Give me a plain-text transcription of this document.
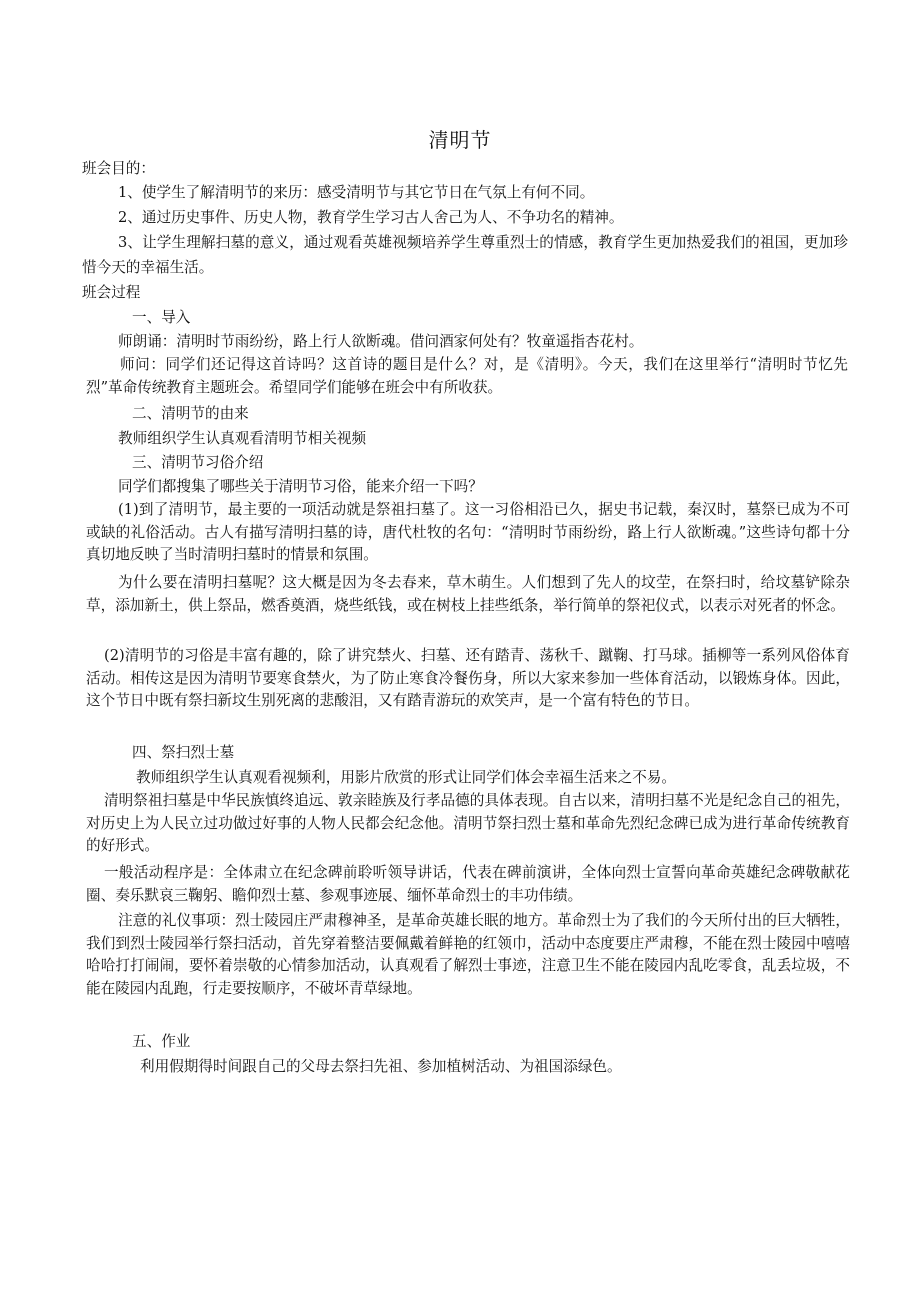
清明节
班会目的：
1、使学生了解清明节的来历：感受清明节与其它节日在气氛上有何不同。
2、通过历史事件、历史人物，教育学生学习古人舍己为人、不争功名的精神。
3、让学生理解扫墓的意义，通过观看英雄视频培养学生尊重烈士的情感，教育学生更加热爱我们的祖国，更加珍惜今天的幸福生活。
班会过程
一、导入
师朗诵：清明时节雨纷纷，路上行人欲断魂。借问酒家何处有？牧童遥指杏花村。
师问：同学们还记得这首诗吗？这首诗的题目是什么？对，是《清明》。今天，我们在这里举行“清明时节忆先烈”革命传统教育主题班会。希望同学们能够在班会中有所收获。
二、清明节的由来
教师组织学生认真观看清明节相关视频
三、清明节习俗介绍
同学们都搜集了哪些关于清明节习俗，能来介绍一下吗？
(1)到了清明节，最主要的一项活动就是祭祖扫墓了。这一习俗相沿已久，据史书记载，秦汉时，墓祭已成为不可或缺的礼俗活动。古人有描写清明扫墓的诗，唐代杜牧的名句：“清明时节雨纷纷，路上行人欲断魂。”这些诗句都十分真切地反映了当时清明扫墓时的情景和氛围。
为什么要在清明扫墓呢？这大概是因为冬去春来，草木萌生。人们想到了先人的坟茔，在祭扫时，给坟墓铲除杂草，添加新土，供上祭品，燃香奠酒，烧些纸钱，或在树枝上挂些纸条，举行简单的祭祀仪式，以表示对死者的怀念。
(2)清明节的习俗是丰富有趣的，除了讲究禁火、扫墓、还有踏青、荡秋千、蹴鞠、打马球。插柳等一系列风俗体育活动。相传这是因为清明节要寒食禁火，为了防止寒食冷餐伤身，所以大家来参加一些体育活动，以锻炼身体。因此，这个节日中既有祭扫新坟生别死离的悲酸泪，又有踏青游玩的欢笑声，是一个富有特色的节日。
四、祭扫烈士墓
教师组织学生认真观看视频利，用影片欣赏的形式让同学们体会幸福生活来之不易。
清明祭祖扫墓是中华民族慎终追远、敦亲睦族及行孝品德的具体表现。自古以来，清明扫墓不光是纪念自己的祖先，对历史上为人民立过功做过好事的人物人民都会纪念他。清明节祭扫烈士墓和革命先烈纪念碑已成为进行革命传统教育的好形式。
一般活动程序是：全体肃立在纪念碑前聆听领导讲话，代表在碑前演讲，全体向烈士宣誓向革命英雄纪念碑敬献花圈、奏乐默哀三鞠躬、瞻仰烈士墓、参观事迹展、缅怀革命烈士的丰功伟绩。
注意的礼仪事项：烈士陵园庄严肃穆神圣，是革命英雄长眠的地方。革命烈士为了我们的今天所付出的巨大牺牲，我们到烈士陵园举行祭扫活动，首先穿着整洁要佩戴着鲜艳的红领巾，活动中态度要庄严肃穆，不能在烈士陵园中嘻嘻哈哈打打闹闹，要怀着崇敬的心情参加活动，认真观看了解烈士事迹，注意卫生不能在陵园内乱吃零食，乱丢垃圾，不能在陵园内乱跑，行走要按顺序，不破坏青草绿地。
五、作业
利用假期得时间跟自己的父母去祭扫先祖、参加植树活动、为祖国添绿色。
